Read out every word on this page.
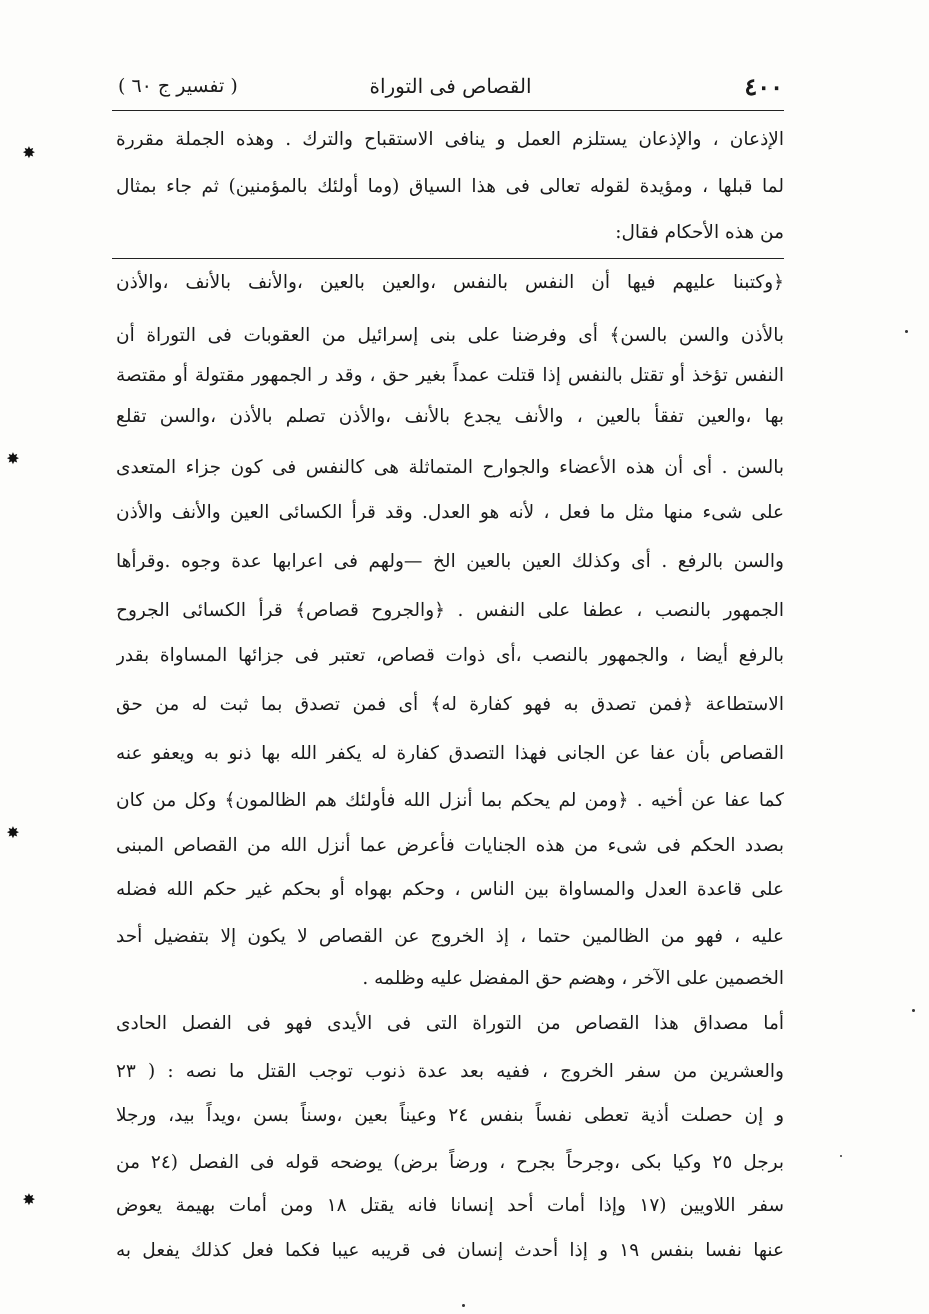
٤٠٠
القصاص فى التوراة
( تفسير ج ٦٠ )
الإذعان ، والإذعان يستلزم العمل و ينافى الاستقباح والترك . وهذه الجملة مقررة
لما قبلها ، ومؤيدة لقوله تعالى فى هذا السياق (وما أولئك بالمؤمنين) ثم جاء بمثال
من هذه الأحكام فقال:
﴿وكتبنا عليهم فيها أن النفس بالنفس ،والعين بالعين ،والأنف بالأنف ،والأذن
بالأذن والسن بالسن﴾ أى وفرضنا على بنى إسرائيل من العقوبات فى التوراة أن
النفس تؤخذ أو تقتل بالنفس إذا قتلت عمداً بغير حق ، وقد ر الجمهور مقتولة أو مقتصة
بها ،والعين تفقأ بالعين ، والأنف يجدع بالأنف ،والأذن تصلم بالأذن ،والسن تقلع
بالسن . أى أن هذه الأعضاء والجوارح المتماثلة هى كالنفس فى كون جزاء المتعدى
على شىء منها مثل ما فعل ، لأنه هو العدل. وقد قرأ الكسائى العين والأنف والأذن
والسن بالرفع . أى وكذلك العين بالعين الخ —ولهم فى اعرابها عدة وجوه .وقرأها
الجمهور بالنصب ، عطفا على النفس . ﴿والجروح قصاص﴾ قرأ الكسائى الجروح
بالرفع أيضا ، والجمهور بالنصب ،أى ذوات قصاص، تعتبر فى جزائها المساواة بقدر
الاستطاعة ﴿فمن تصدق به فهو كفارة له﴾ أى فمن تصدق بما ثبت له من حق
القصاص بأن عفا عن الجانى فهذا التصدق كفارة له يكفر الله بها ذنو به ويعفو عنه
كما عفا عن أخيه . ﴿ومن لم يحكم بما أنزل الله فأولئك هم الظالمون﴾ وكل من كان
بصدد الحكم فى شىء من هذه الجنايات فأعرض عما أنزل الله من القصاص المبنى
على قاعدة العدل والمساواة بين الناس ، وحكم بهواه أو بحكم غير حكم الله فضله
عليه ، فهو من الظالمين حتما ، إذ الخروج عن القصاص لا يكون إلا بتفضيل أحد
الخصمين على الآخر ، وهضم حق المفضل عليه وظلمه .
أما مصداق هذا القصاص من التوراة التى فى الأيدى فهو فى الفصل الحادى
والعشرين من سفر الخروج ، ففيه بعد عدة ذنوب توجب القتل ما نصه : ( ٢٣
و إن حصلت أذية تعطى نفساً بنفس ٢٤ وعيناً بعين ،وسناً بسن ،ويداً بيد، ورجلا
برجل ٢٥ وكيا بكى ،وجرحاً بجرح ، ورضاً برض) يوضحه قوله فى الفصل (٢٤ من
سفر اللاويين (١٧ وإذا أمات أحد إنسانا فانه يقتل ١٨ ومن أمات بهيمة يعوض
عنها نفسا بنفس ١٩ و إذا أحدث إنسان فى قريبه عيبا فكما فعل كذلك يفعل به
✸
✸
✸
✸
